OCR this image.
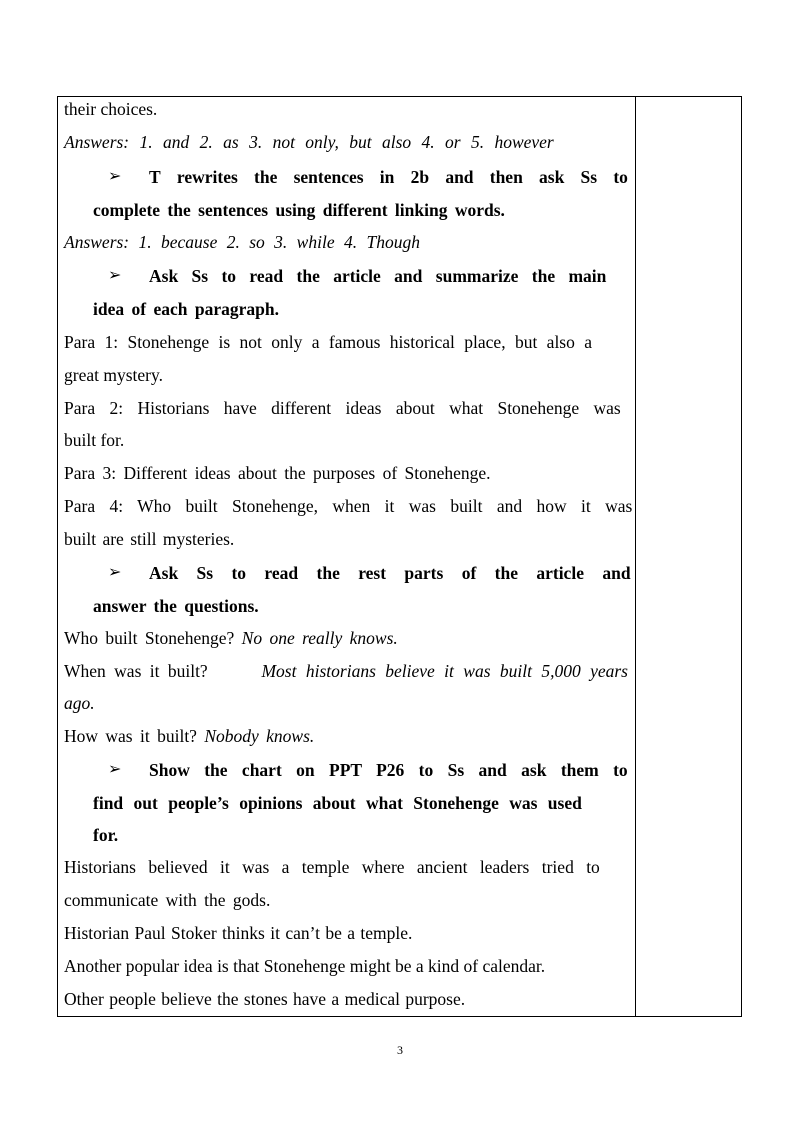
their choices.
Answers: 1. and 2. as 3. not only, but also 4. or 5. however
➢ T rewrites the sentences in 2b and then ask Ss to
complete the sentences using different linking words.
Answers: 1. because 2. so 3. while 4. Though
➢ Ask Ss to read the article and summarize the main
idea of each paragraph.
Para 1: Stonehenge is not only a famous historical place, but also a
great mystery.
Para 2: Historians have different ideas about what Stonehenge was
built for.
Para 3: Different ideas about the purposes of Stonehenge.
Para 4: Who built Stonehenge, when it was built and how it was
built are still mysteries.
➢ Ask Ss to read the rest parts of the article and
answer the questions.
Who built Stonehenge? No one really knows.
When was it built?	Most historians believe it was built 5,000 years
ago.
How was it built? Nobody knows.
➢ Show the chart on PPT P26 to Ss and ask them to
find out people’s opinions about what Stonehenge was used
for.
Historians believed it was a temple where ancient leaders tried to
communicate with the gods.
Historian Paul Stoker thinks it can’t be a temple.
Another popular idea is that Stonehenge might be a kind of calendar.
Other people believe the stones have a medical purpose.
3
